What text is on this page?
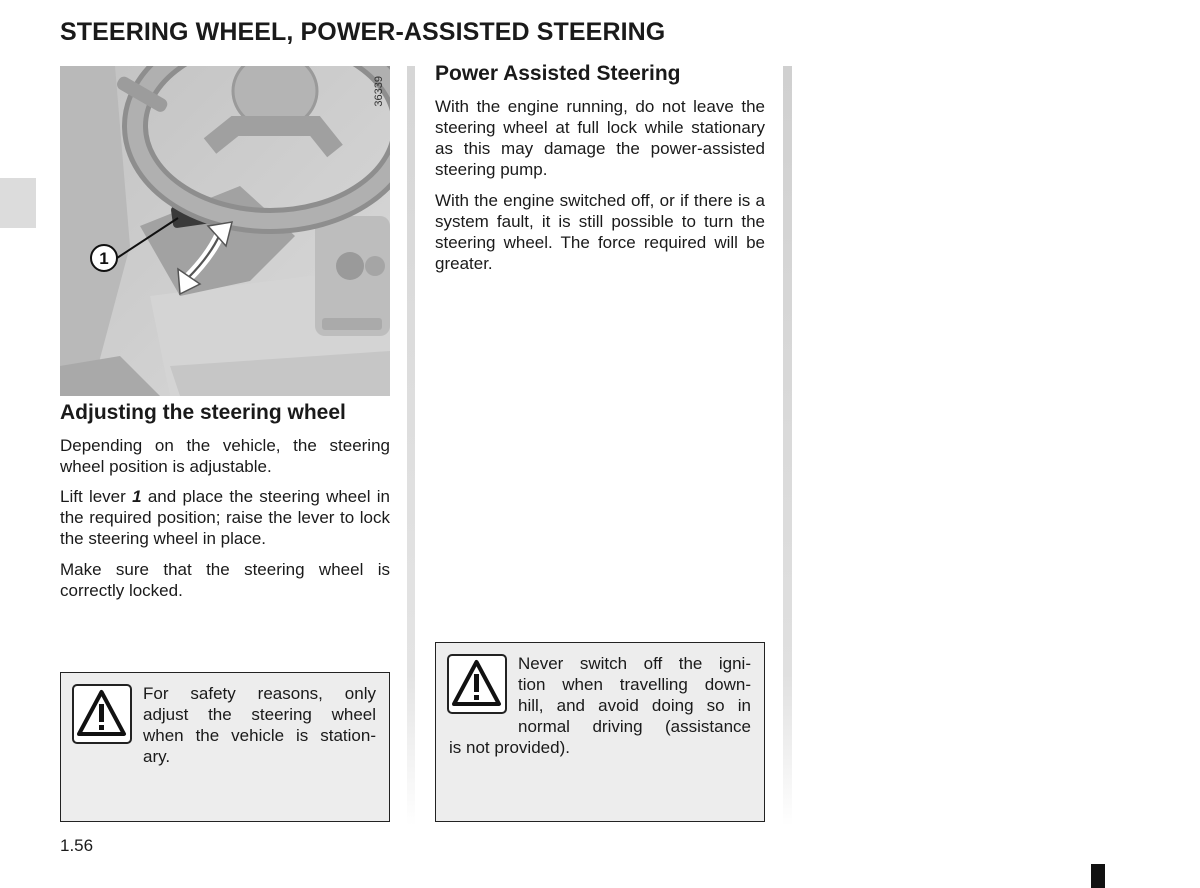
STEERING WHEEL, POWER-ASSISTED STEERING
1
36339
Adjusting the steering wheel

Depending on the vehicle, the steering wheel position is adjustable.

Lift lever 1 and place the steering wheel in the required position; raise the lever to lock the steering wheel in place.

Make sure that the steering wheel is correctly locked.

For safety reasons, only
adjust the steering wheel
when the vehicle is station-
ary.

Power Assisted Steering

With the engine running, do not leave the steering wheel at full lock while stationary as this may damage the power-assisted steering pump.

With the engine switched off, or if there is a system fault, it is still possible to turn the steering wheel. The force required will be greater.

Never switch off the igni-
tion when travelling down-
hill, and avoid doing so in
normal driving (assistance

is not provided).

1.56
